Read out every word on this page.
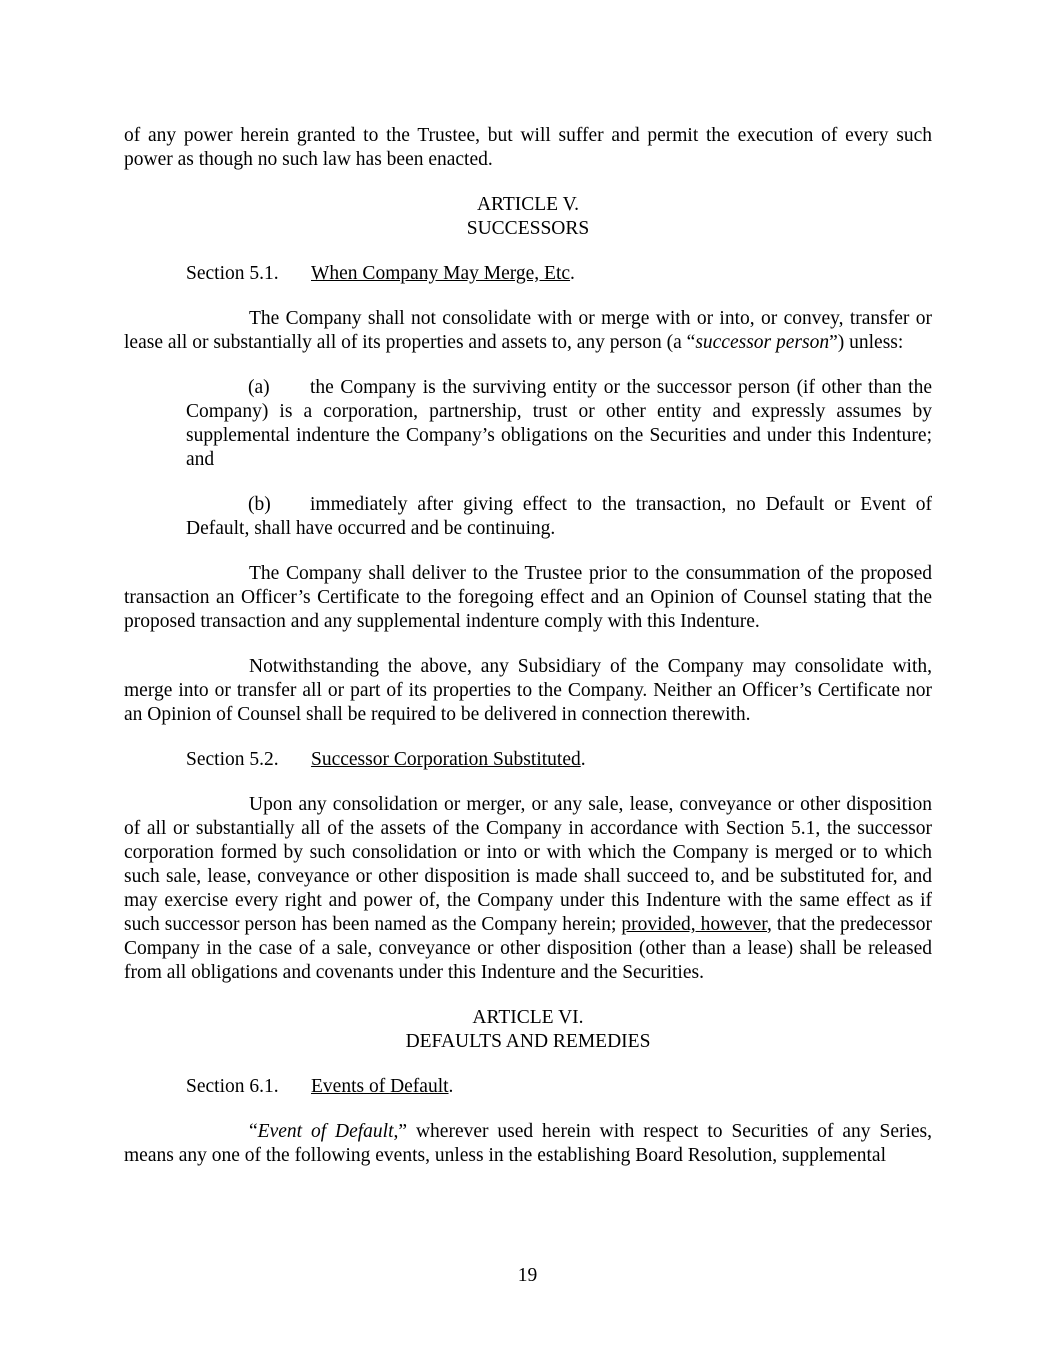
of any power herein granted to the Trustee, but will suffer and permit the execution of every such power as though no such law has been enacted.

ARTICLE V.
SUCCESSORS
Section 5.1. When Company May Merge, Etc.

The Company shall not consolidate with or merge with or into, or convey, transfer or lease all or substantially all of its properties and assets to, any person (a “successor person”) unless:

(a) the Company is the surviving entity or the successor person (if other than the Company) is a corporation, partnership, trust or other entity and expressly assumes by supplemental indenture the Company’s obligations on the Securities and under this Indenture; and

(b) immediately after giving effect to the transaction, no Default or Event of Default, shall have occurred and be continuing.

The Company shall deliver to the Trustee prior to the consummation of the proposed transaction an Officer’s Certificate to the foregoing effect and an Opinion of Counsel stating that the proposed transaction and any supplemental indenture comply with this Indenture.

Notwithstanding the above, any Subsidiary of the Company may consolidate with, merge into or transfer all or part of its properties to the Company. Neither an Officer’s Certificate nor an Opinion of Counsel shall be required to be delivered in connection therewith.

Section 5.2. Successor Corporation Substituted.

Upon any consolidation or merger, or any sale, lease, conveyance or other disposition of all or substantially all of the assets of the Company in accordance with Section 5.1, the successor corporation formed by such consolidation or into or with which the Company is merged or to which such sale, lease, conveyance or other disposition is made shall succeed to, and be substituted for, and may exercise every right and power of, the Company under this Indenture with the same effect as if such successor person has been named as the Company herein; provided, however, that the predecessor Company in the case of a sale, conveyance or other disposition (other than a lease) shall be released from all obligations and covenants under this Indenture and the Securities.

ARTICLE VI.
DEFAULTS AND REMEDIES
Section 6.1. Events of Default.

“Event of Default,” wherever used herein with respect to Securities of any Series, means any one of the following events, unless in the establishing Board Resolution, supplemental

19
